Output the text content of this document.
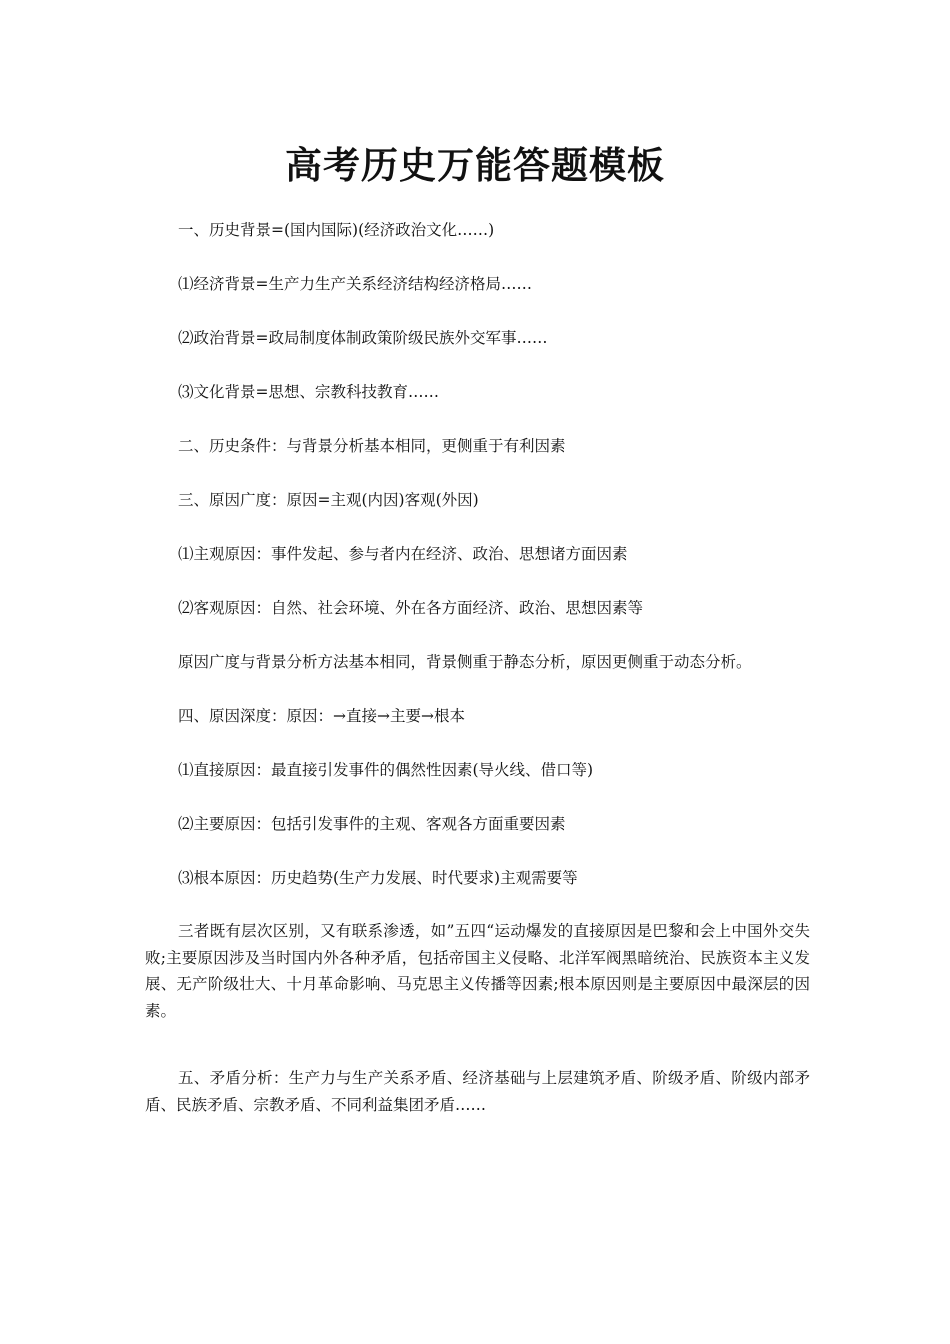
高考历史万能答题模板
一、历史背景=(国内国际)(经济政治文化……)
⑴经济背景=生产力生产关系经济结构经济格局……
⑵政治背景=政局制度体制政策阶级民族外交军事……
⑶文化背景=思想、宗教科技教育……
二、历史条件：与背景分析基本相同，更侧重于有利因素
三、原因广度：原因=主观(内因)客观(外因)
⑴主观原因：事件发起、参与者内在经济、政治、思想诸方面因素
⑵客观原因：自然、社会环境、外在各方面经济、政治、思想因素等
原因广度与背景分析方法基本相同，背景侧重于静态分析，原因更侧重于动态分析。
四、原因深度：原因：→直接→主要→根本
⑴直接原因：最直接引发事件的偶然性因素(导火线、借口等)
⑵主要原因：包括引发事件的主观、客观各方面重要因素
⑶根本原因：历史趋势(生产力发展、时代要求)主观需要等
三者既有层次区别，又有联系渗透，如”五四“运动爆发的直接原因是巴黎和会上中国外交失败;主要原因涉及当时国内外各种矛盾，包括帝国主义侵略、北洋军阀黑暗统治、民族资本主义发展、无产阶级壮大、十月革命影响、马克思主义传播等因素;根本原因则是主要原因中最深层的因素。
五、矛盾分析：生产力与生产关系矛盾、经济基础与上层建筑矛盾、阶级矛盾、阶级内部矛盾、民族矛盾、宗教矛盾、不同利益集团矛盾……
